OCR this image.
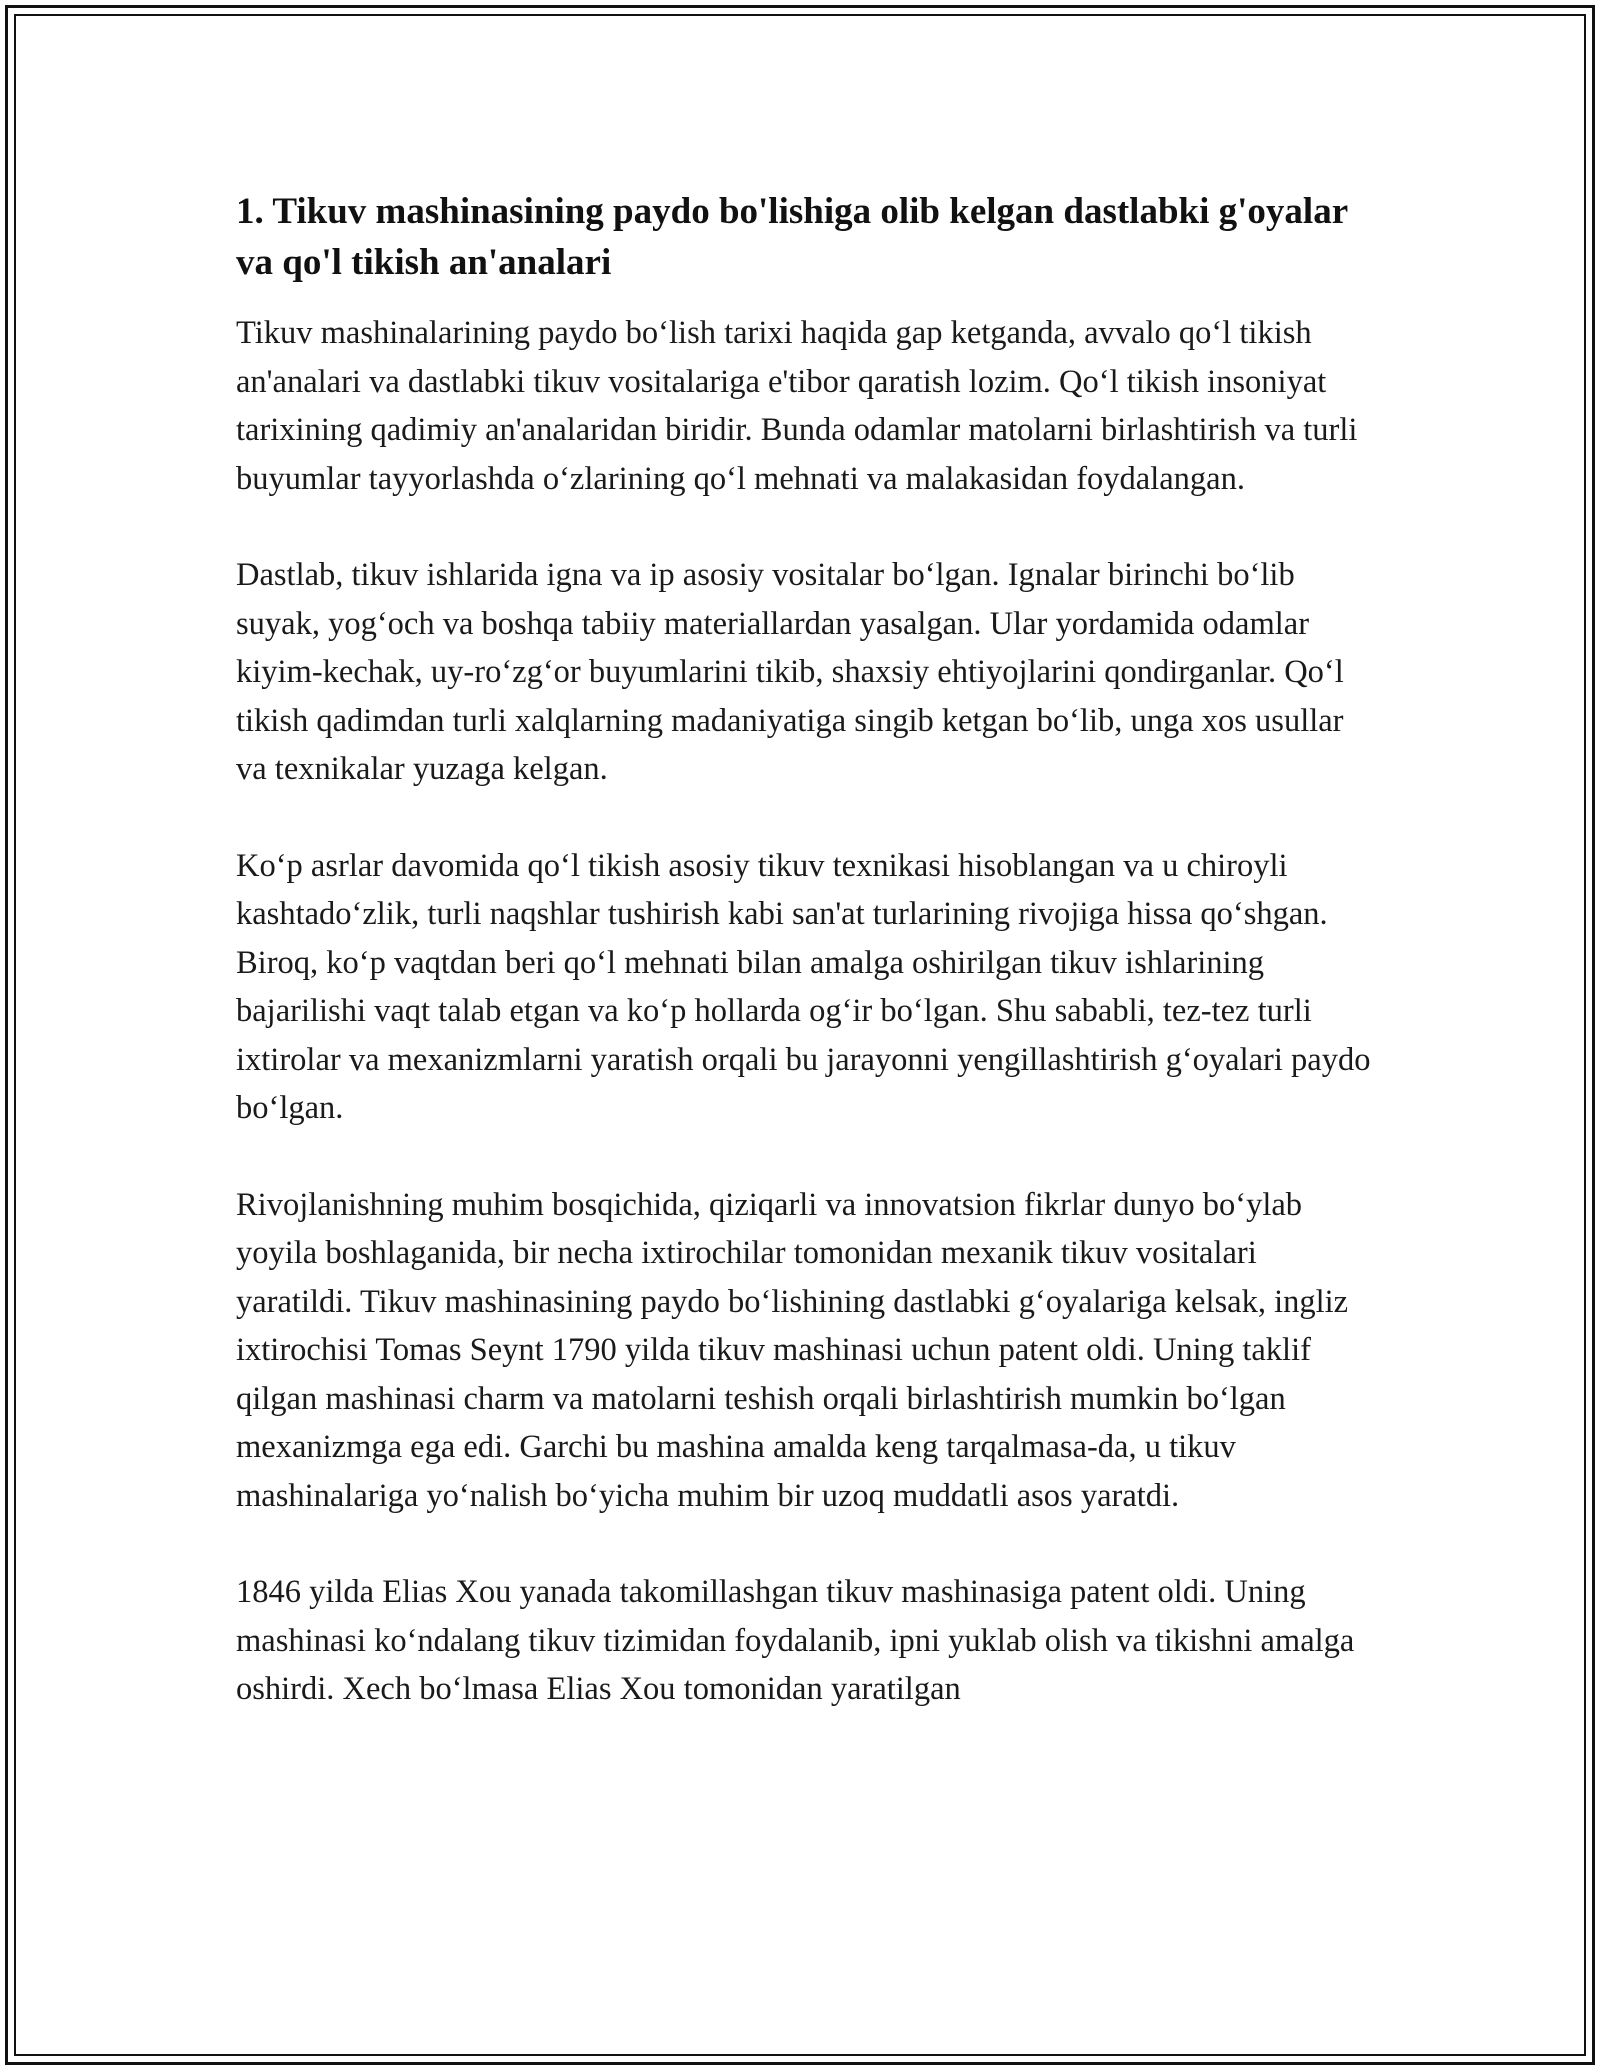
1. Tikuv mashinasining paydo bo'lishiga olib kelgan dastlabki g'oyalar va qo'l tikish an'analari

Tikuv mashinalarining paydo bo‘lish tarixi haqida gap ketganda, avvalo qo‘l tikish an'analari va dastlabki tikuv vositalariga e'tibor qaratish lozim. Qo‘l tikish insoniyat tarixining qadimiy an'analaridan biridir. Bunda odamlar matolarni birlashtirish va turli buyumlar tayyorlashda o‘zlarining qo‘l mehnati va malakasidan foydalangan.

Dastlab, tikuv ishlarida igna va ip asosiy vositalar bo‘lgan. Ignalar birinchi bo‘lib suyak, yog‘och va boshqa tabiiy materiallardan yasalgan. Ular yordamida odamlar kiyim-kechak, uy-ro‘zg‘or buyumlarini tikib, shaxsiy ehtiyojlarini qondirganlar. Qo‘l tikish qadimdan turli xalqlarning madaniyatiga singib ketgan bo‘lib, unga xos usullar va texnikalar yuzaga kelgan.

Ko‘p asrlar davomida qo‘l tikish asosiy tikuv texnikasi hisoblangan va u chiroyli kashtado‘zlik, turli naqshlar tushirish kabi san'at turlarining rivojiga hissa qo‘shgan. Biroq, ko‘p vaqtdan beri qo‘l mehnati bilan amalga oshirilgan tikuv ishlarining bajarilishi vaqt talab etgan va ko‘p hollarda og‘ir bo‘lgan. Shu sababli, tez-tez turli ixtirolar va mexanizmlarni yaratish orqali bu jarayonni yengillashtirish g‘oyalari paydo bo‘lgan.

Rivojlanishning muhim bosqichida, qiziqarli va innovatsion fikrlar dunyo bo‘ylab yoyila boshlaganida, bir necha ixtirochilar tomonidan mexanik tikuv vositalari yaratildi. Tikuv mashinasining paydo bo‘lishining dastlabki g‘oyalariga kelsak, ingliz ixtirochisi Tomas Seynt 1790 yilda tikuv mashinasi uchun patent oldi. Uning taklif qilgan mashinasi charm va matolarni teshish orqali birlashtirish mumkin bo‘lgan mexanizmga ega edi. Garchi bu mashina amalda keng tarqalmasa-da, u tikuv mashinalariga yo‘nalish bo‘yicha muhim bir uzoq muddatli asos yaratdi.

1846 yilda Elias Xou yanada takomillashgan tikuv mashinasiga patent oldi. Uning mashinasi ko‘ndalang tikuv tizimidan foydalanib, ipni yuklab olish va tikishni amalga oshirdi. Xech bo‘lmasa Elias Xou tomonidan yaratilgan
